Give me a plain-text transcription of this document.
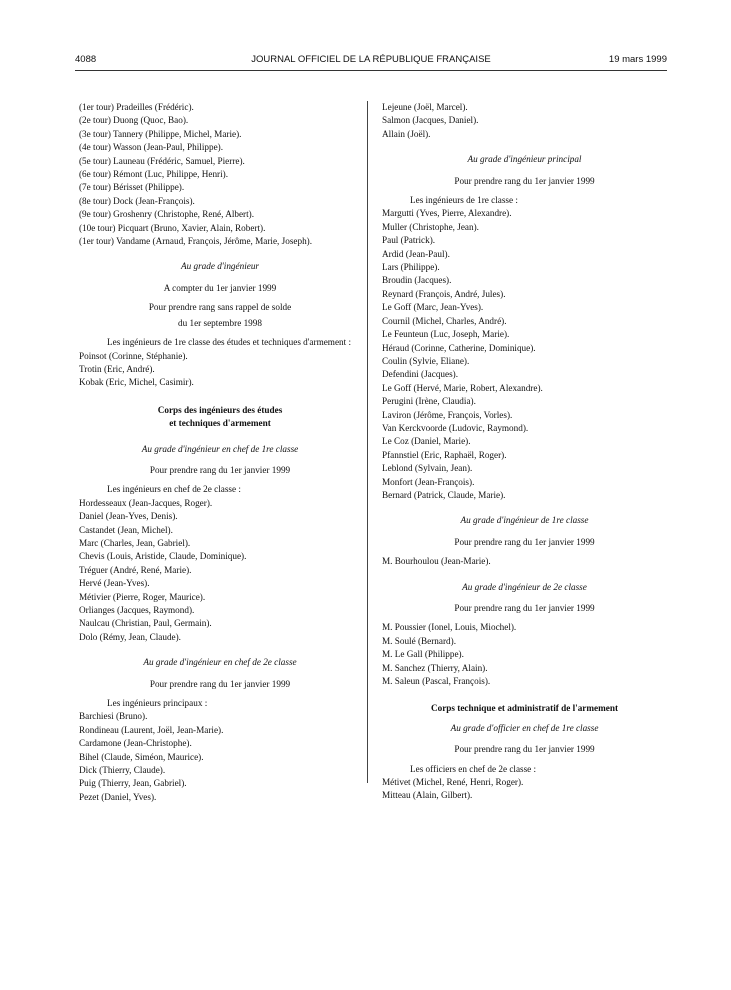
4088	JOURNAL OFFICIEL DE LA RÉPUBLIQUE FRANÇAISE	19 mars 1999
(1er tour) Pradeilles (Frédéric).
(2e tour) Duong (Quoc, Bao).
(3e tour) Tannery (Philippe, Michel, Marie).
(4e tour) Wasson (Jean-Paul, Philippe).
(5e tour) Launeau (Frédéric, Samuel, Pierre).
(6e tour) Rémont (Luc, Philippe, Henri).
(7e tour) Bérisset (Philippe).
(8e tour) Dock (Jean-François).
(9e tour) Groshenry (Christophe, René, Albert).
(10e tour) Picquart (Bruno, Xavier, Alain, Robert).
(1er tour) Vandame (Arnaud, François, Jérôme, Marie, Joseph).
Au grade d'ingénieur
A compter du 1er janvier 1999
Pour prendre rang sans rappel de solde
du 1er septembre 1998
Les ingénieurs de 1re classe des études et techniques d'armement :
Poinsot (Corinne, Stéphanie).
Trotin (Eric, André).
Kobak (Eric, Michel, Casimir).
Corps des ingénieurs des études
et techniques d'armement
Au grade d'ingénieur en chef de 1re classe
Pour prendre rang du 1er janvier 1999
Les ingénieurs en chef de 2e classe :
Hordesseaux (Jean-Jacques, Roger).
Daniel (Jean-Yves, Denis).
Castandet (Jean, Michel).
Marc (Charles, Jean, Gabriel).
Chevis (Louis, Aristide, Claude, Dominique).
Tréguer (André, René, Marie).
Hervé (Jean-Yves).
Métivier (Pierre, Roger, Maurice).
Orlianges (Jacques, Raymond).
Naulcau (Christian, Paul, Germain).
Dolo (Rémy, Jean, Claude).
Au grade d'ingénieur en chef de 2e classe
Pour prendre rang du 1er janvier 1999
Les ingénieurs principaux :
Barchiesi (Bruno).
Rondineau (Laurent, Joël, Jean-Marie).
Cardamone (Jean-Christophe).
Bihel (Claude, Siméon, Maurice).
Dick (Thierry, Claude).
Puig (Thierry, Jean, Gabriel).
Pezet (Daniel, Yves).
Lejeune (Joël, Marcel).
Salmon (Jacques, Daniel).
Allain (Joël).
Au grade d'ingénieur principal
Pour prendre rang du 1er janvier 1999
Les ingénieurs de 1re classe :
Margutti (Yves, Pierre, Alexandre).
Muller (Christophe, Jean).
Paul (Patrick).
Ardid (Jean-Paul).
Lars (Philippe).
Broudin (Jacques).
Reynard (François, André, Jules).
Le Goff (Marc, Jean-Yves).
Cournil (Michel, Charles, André).
Le Feunteun (Luc, Joseph, Marie).
Héraud (Corinne, Catherine, Dominique).
Coulin (Sylvie, Eliane).
Defendini (Jacques).
Le Goff (Hervé, Marie, Robert, Alexandre).
Perugini (Irène, Claudia).
Laviron (Jérôme, François, Vorles).
Van Kerckvoorde (Ludovic, Raymond).
Le Coz (Daniel, Marie).
Pfannstiel (Eric, Raphaël, Roger).
Leblond (Sylvain, Jean).
Monfort (Jean-François).
Bernard (Patrick, Claude, Marie).
Au grade d'ingénieur de 1re classe
Pour prendre rang du 1er janvier 1999
M. Bourhoulou (Jean-Marie).
Au grade d'ingénieur de 2e classe
Pour prendre rang du 1er janvier 1999
M. Poussier (Ionel, Louis, Miochel).
M. Soulé (Bernard).
M. Le Gall (Philippe).
M. Sanchez (Thierry, Alain).
M. Saleun (Pascal, François).
Corps technique et administratif de l'armement
Au grade d'officier en chef de 1re classe
Pour prendre rang du 1er janvier 1999
Les officiers en chef de 2e classe :
Métivet (Michel, René, Henri, Roger).
Mitteau (Alain, Gilbert).
